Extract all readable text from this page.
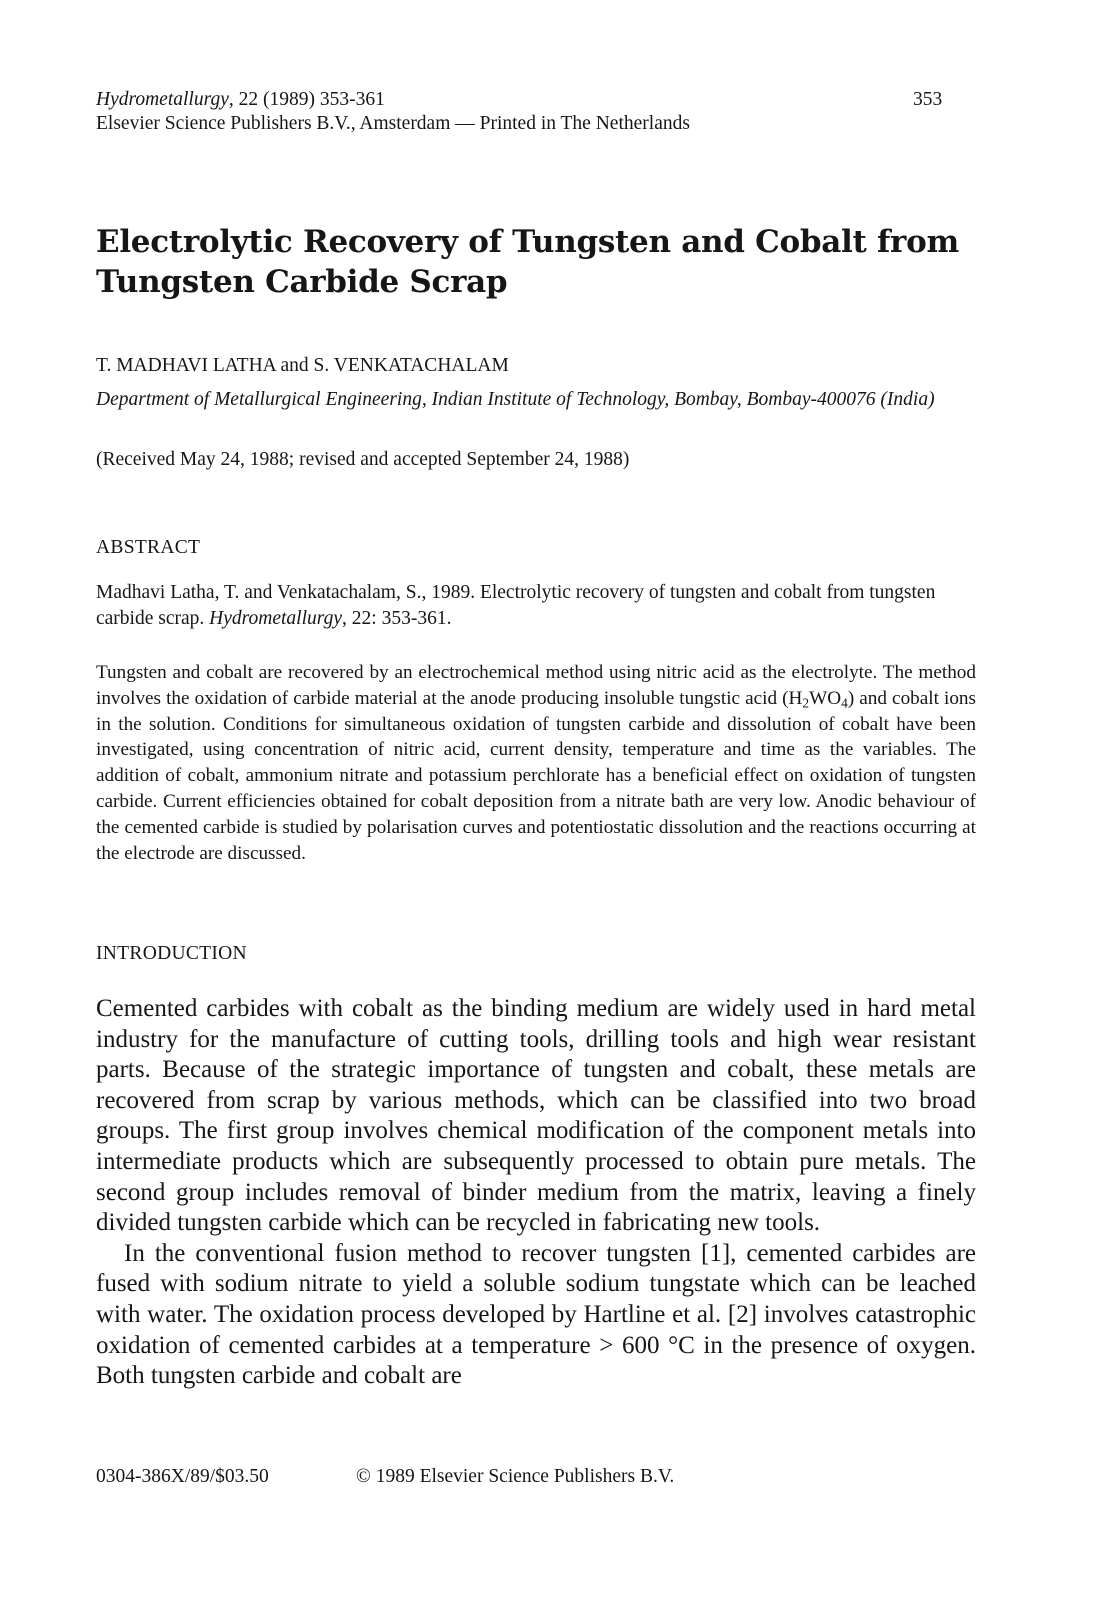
Hydrometallurgy, 22 (1989) 353-361
Elsevier Science Publishers B.V., Amsterdam — Printed in The Netherlands
353
Electrolytic Recovery of Tungsten and Cobalt from
Tungsten Carbide Scrap
T. MADHAVI LATHA and S. VENKATACHALAM
Department of Metallurgical Engineering, Indian Institute of Technology, Bombay, Bombay-400076 (India)
(Received May 24, 1988; revised and accepted September 24, 1988)
ABSTRACT
Madhavi Latha, T. and Venkatachalam, S., 1989. Electrolytic recovery of tungsten and cobalt from tungsten carbide scrap. Hydrometallurgy, 22: 353-361.
Tungsten and cobalt are recovered by an electrochemical method using nitric acid as the electrolyte. The method involves the oxidation of carbide material at the anode producing insoluble tungstic acid $(H_2WO_4)$ and cobalt ions in the solution. Conditions for simultaneous oxidation of tungsten carbide and dissolution of cobalt have been investigated, using concentration of nitric acid, current density, temperature and time as the variables. The addition of cobalt, ammonium nitrate and potassium perchlorate has a beneficial effect on oxidation of tungsten carbide. Current efficiencies obtained for cobalt deposition from a nitrate bath are very low. Anodic behaviour of the cemented carbide is studied by polarisation curves and potentiostatic dissolution and the reactions occurring at the electrode are discussed.
INTRODUCTION

Cemented carbides with cobalt as the binding medium are widely used in hard metal industry for the manufacture of cutting tools, drilling tools and high wear resistant parts. Because of the strategic importance of tungsten and cobalt, these metals are recovered from scrap by various methods, which can be classified into two broad groups. The first group involves chemical modification of the component metals into intermediate products which are subsequently processed to obtain pure metals. The second group includes removal of binder medium from the matrix, leaving a finely divided tungsten carbide which can be recycled in fabricating new tools.

In the conventional fusion method to recover tungsten [1], cemented carbides are fused with sodium nitrate to yield a soluble sodium tungstate which can be leached with water. The oxidation process developed by Hartline et al. [2] involves catastrophic oxidation of cemented carbides at a temperature > 600 °C in the presence of oxygen. Both tungsten carbide and cobalt are

0304-386X/89/$03.50	© 1989 Elsevier Science Publishers B.V.
